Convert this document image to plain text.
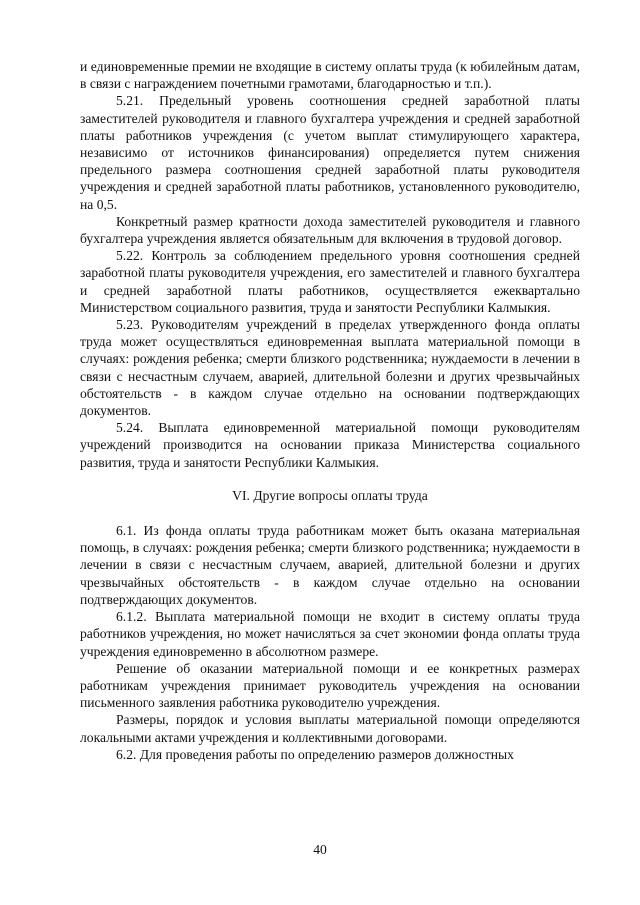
и единовременные премии не входящие в систему оплаты труда (к юбилейным датам, в связи с награждением почетными грамотами, благодарностью и т.п.).

5.21. Предельный уровень соотношения средней заработной платы заместителей руководителя и главного бухгалтера учреждения и средней заработной платы работников учреждения (с учетом выплат стимулирующего характера, независимо от источников финансирования) определяется путем снижения предельного размера соотношения средней заработной платы руководителя учреждения и средней заработной платы работников, установленного руководителю, на 0,5.

Конкретный размер кратности дохода заместителей руководителя и главного бухгалтера учреждения является обязательным для включения в трудовой договор.

5.22. Контроль за соблюдением предельного уровня соотношения средней заработной платы руководителя учреждения, его заместителей и главного бухгалтера и средней заработной платы работников, осуществляется ежеквартально Министерством социального развития, труда и занятости Республики Калмыкия.

5.23. Руководителям учреждений в пределах утвержденного фонда оплаты труда может осуществляться единовременная выплата материальной помощи в случаях: рождения ребенка; смерти близкого родственника; нуждаемости в лечении в связи с несчастным случаем, аварией, длительной болезни и других чрезвычайных обстоятельств - в каждом случае отдельно на основании подтверждающих документов.

5.24. Выплата единовременной материальной помощи руководителям учреждений производится на основании приказа Министерства социального развития, труда и занятости Республики Калмыкия.

VI. Другие вопросы оплаты труда

6.1. Из фонда оплаты труда работникам может быть оказана материальная помощь, в случаях: рождения ребенка; смерти близкого родственника; нуждаемости в лечении в связи с несчастным случаем, аварией, длительной болезни и других чрезвычайных обстоятельств - в каждом случае отдельно на основании подтверждающих документов.

6.1.2. Выплата материальной помощи не входит в систему оплаты труда работников учреждения, но может начисляться за счет экономии фонда оплаты труда учреждения единовременно в абсолютном размере.

Решение об оказании материальной помощи и ее конкретных размерах работникам учреждения принимает руководитель учреждения на основании письменного заявления работника руководителю учреждения.

Размеры, порядок и условия выплаты материальной помощи определяются локальными актами учреждения и коллективными договорами.

6.2. Для проведения работы по определению размеров должностных

40
